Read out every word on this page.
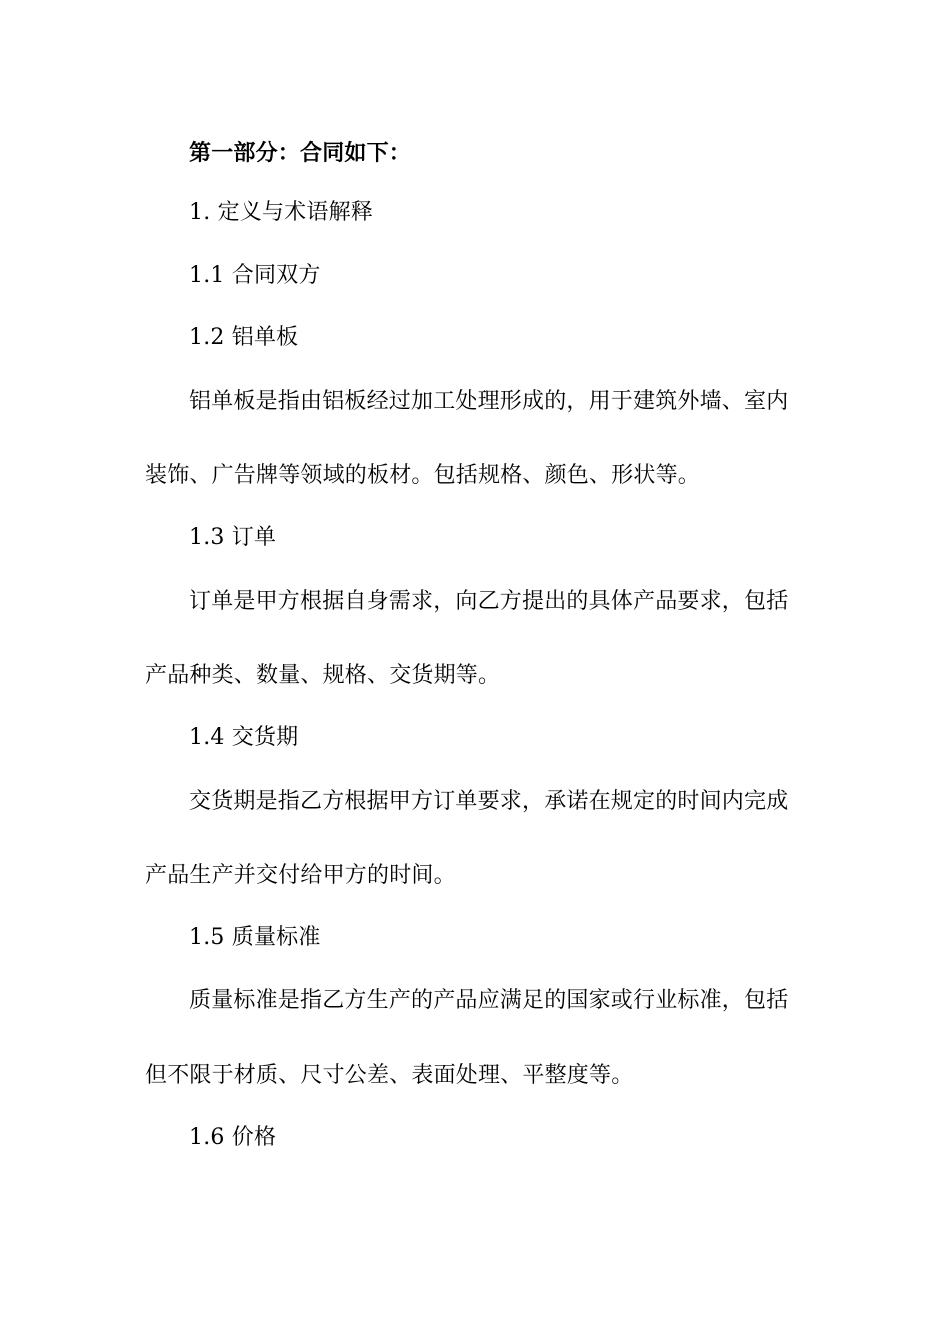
第一部分：合同如下：
1. 定义与术语解释
1.1 合同双方
1.2 铝单板
铝单板是指由铝板经过加工处理形成的，用于建筑外墙、室内
装饰、广告牌等领域的板材。包括规格、颜色、形状等。
1.3 订单
订单是甲方根据自身需求，向乙方提出的具体产品要求，包括
产品种类、数量、规格、交货期等。
1.4 交货期
交货期是指乙方根据甲方订单要求，承诺在规定的时间内完成
产品生产并交付给甲方的时间。
1.5 质量标准
质量标准是指乙方生产的产品应满足的国家或行业标准，包括
但不限于材质、尺寸公差、表面处理、平整度等。
1.6 价格
